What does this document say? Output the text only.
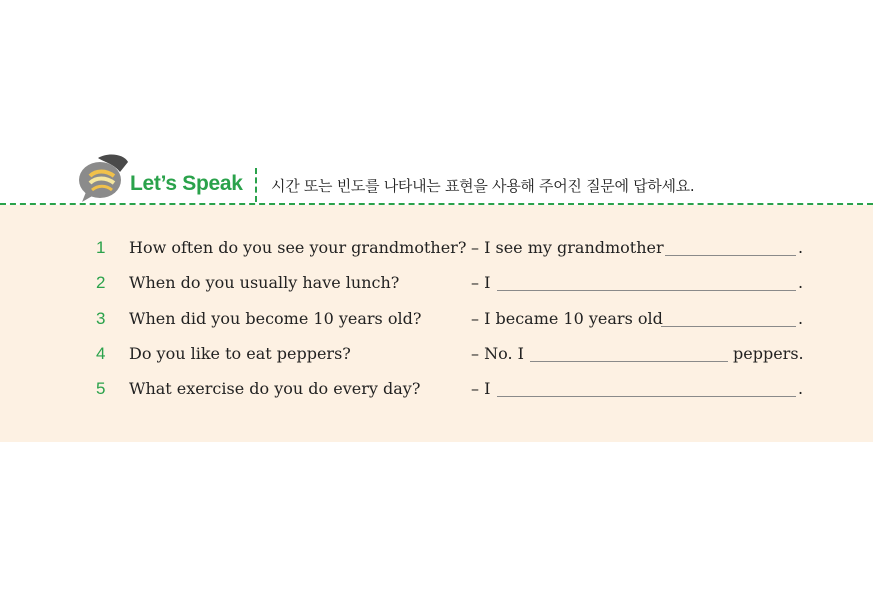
Let’s Speak 시간 또는 빈도를 나타내는 표현을 사용해 주어진 질문에 답하세요.
1 How often do you see your grandmother? – I see my grandmother	.
2 When do you usually have lunch?	– I	.
3 When did you become 10 years old?	– I became 10 years old	.
4 Do you like to eat peppers?	– No. I	peppers.
5 What exercise do you do every day?	– I	.
